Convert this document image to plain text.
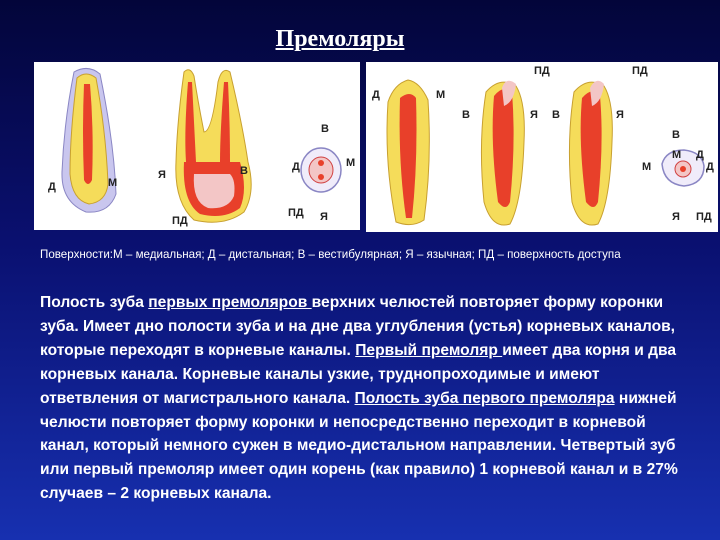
Премоляры
Д	М
Я	В
ПД
В
Д	М
ПД Я
ПД	ПД
Д	М
В	Я В	Я
М	Д
В
М Д
Я ПД
Поверхности:М – медиальная; Д – дистальная; В – вестибулярная; Я – язычная; ПД – поверхность доступа
Полость зуба первых премоляров верхних челюстей повторяет форму коронки зуба. Имеет дно полости зуба и на дне два углубления (устья) корневых каналов, которые переходят в корневые каналы. Первый премоляр имеет два корня и два корневых канала. Корневые каналы узкие, труднопроходимые и имеют ответвления от магистрального канала. Полость зуба первого премоляра нижней челюсти повторяет форму коронки и непосредственно переходит в корневой канал, который немного сужен в медио-дистальном направлении. Четвертый зуб или первый премоляр имеет один корень (как правило) 1 корневой канал и в 27% случаев – 2 корневых канала.
